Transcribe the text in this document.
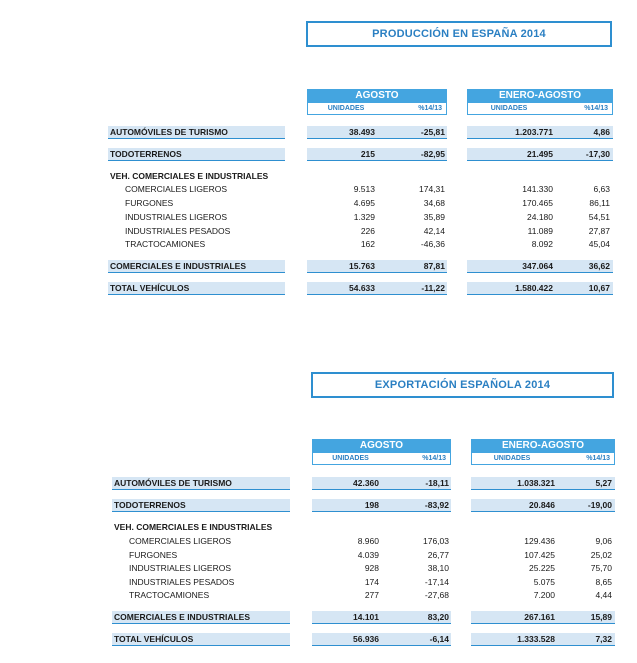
PRODUCCIÓN EN ESPAÑA 2014
AGOSTO
UNIDADES	%14/13
ENERO-AGOSTO
UNIDADES	%14/13
AUTOMÓVILES DE TURISMO	38.493	-25,81	1.203.771	4,86
TODOTERRENOS	215	-82,95	21.495	-17,30
VEH. COMERCIALES E INDUSTRIALES
COMERCIALES LIGEROS	9.513	174,31	141.330	6,63
FURGONES	4.695	34,68	170.465	86,11
INDUSTRIALES LIGEROS	1.329	35,89	24.180	54,51
INDUSTRIALES PESADOS	226	42,14	11.089	27,87
TRACTOCAMIONES	162	-46,36	8.092	45,04
COMERCIALES E INDUSTRIALES	15.763	87,81	347.064	36,62
TOTAL VEHÍCULOS	54.633	-11,22	1.580.422	10,67
EXPORTACIÓN ESPAÑOLA 2014
AGOSTO
UNIDADES	%14/13
ENERO-AGOSTO
UNIDADES	%14/13
AUTOMÓVILES DE TURISMO	42.360	-18,11	1.038.321	5,27
TODOTERRENOS	198	-83,92	20.846	-19,00
VEH. COMERCIALES E INDUSTRIALES
COMERCIALES LIGEROS	8.960	176,03	129.436	9,06
FURGONES	4.039	26,77	107.425	25,02
INDUSTRIALES LIGEROS	928	38,10	25.225	75,70
INDUSTRIALES PESADOS	174	-17,14	5.075	8,65
TRACTOCAMIONES	277	-27,68	7.200	4,44
COMERCIALES E INDUSTRIALES	14.101	83,20	267.161	15,89
TOTAL VEHÍCULOS	56.936	-6,14	1.333.528	7,32
